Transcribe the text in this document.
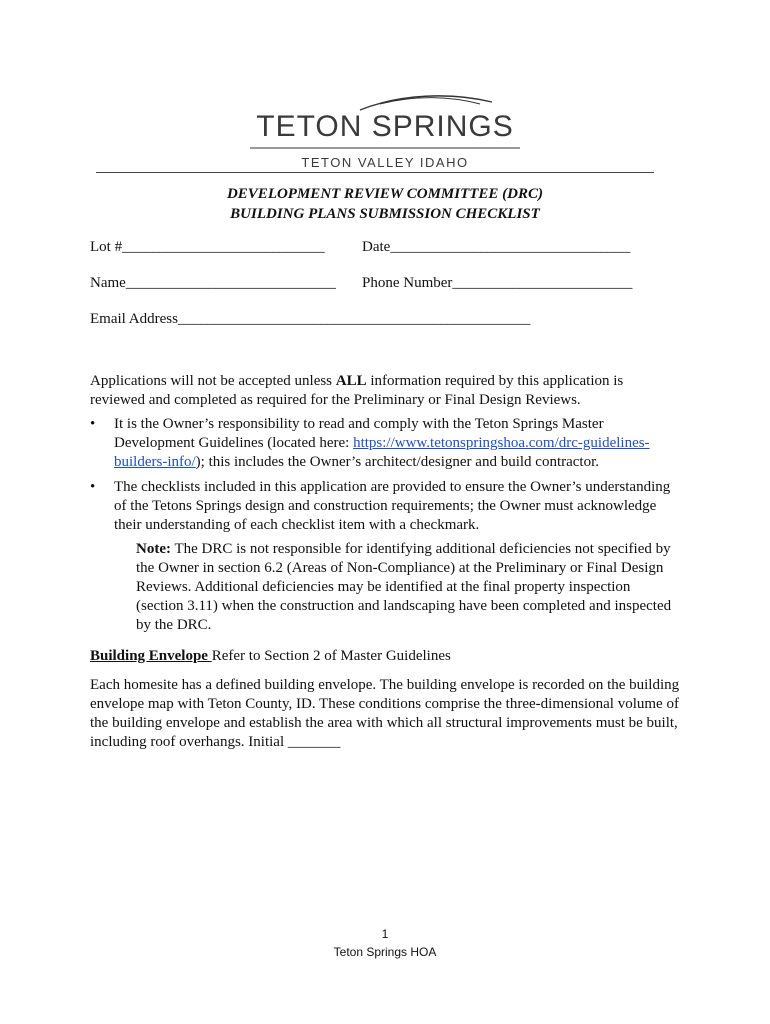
TETON SPRINGS
TETON VALLEY IDAHO
DEVELOPMENT REVIEW COMMITTEE (DRC)
BUILDING PLANS SUBMISSION CHECKLIST
Lot #___________________________ Date________________________________
Name____________________________ Phone Number________________________
Email Address_______________________________________________
Applications will not be accepted unless ALL information required by this application is reviewed and completed as required for the Preliminary or Final Design Reviews.
• It is the Owner’s responsibility to read and comply with the Teton Springs Master Development Guidelines (located here: https://www.tetonspringshoa.com/drc-guidelines-builders-info/); this includes the Owner’s architect/designer and build contractor.
• The checklists included in this application are provided to ensure the Owner’s understanding of the Tetons Springs design and construction requirements; the Owner must acknowledge their understanding of each checklist item with a checkmark.
Note: The DRC is not responsible for identifying additional deficiencies not specified by the Owner in section 6.2 (Areas of Non-Compliance) at the Preliminary or Final Design Reviews. Additional deficiencies may be identified at the final property inspection (section 3.11) when the construction and landscaping have been completed and inspected by the DRC.
Building Envelope Refer to Section 2 of Master Guidelines
Each homesite has a defined building envelope. The building envelope is recorded on the building envelope map with Teton County, ID. These conditions comprise the three-dimensional volume of the building envelope and establish the area with which all structural improvements must be built, including roof overhangs. Initial _______
1
Teton Springs HOA
